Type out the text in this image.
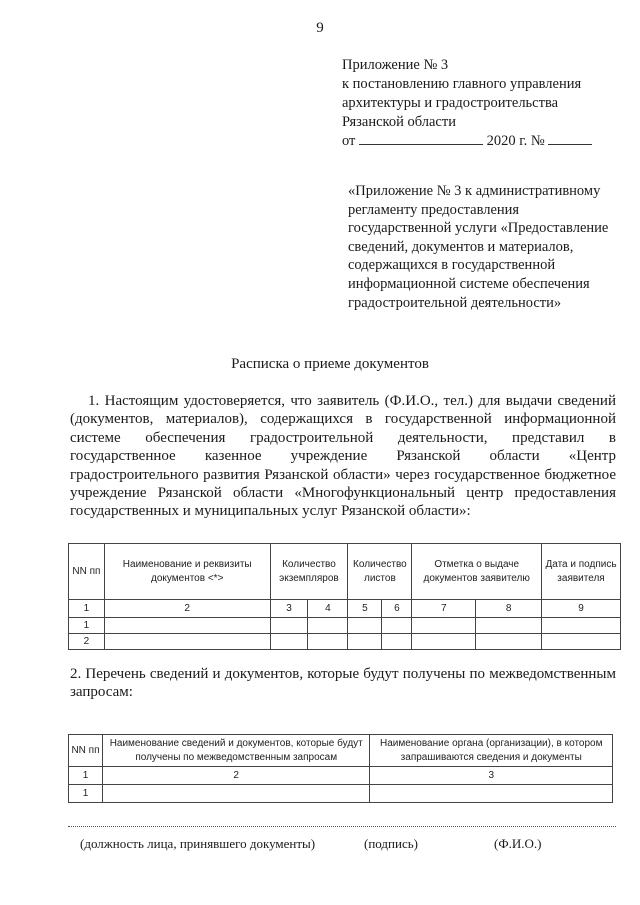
9
Приложение № 3
к постановлению главного управления
архитектуры и градостроительства
Рязанской области
от	2020 г. №
«Приложение № 3 к административному регламенту предоставления государственной услуги «Предоставление сведений, документов и материалов, содержащихся в государственной информационной системе обеспечения градостроительной деятельности»
Расписка о приеме документов
1. Настоящим удостоверяется, что заявитель (Ф.И.О., тел.) для выдачи сведений (документов, материалов), содержащихся в государственной информационной системе обеспечения градостроительной деятельности, представил в государственное казенное учреждение Рязанской области «Центр градостроительного развития Рязанской области» через государственное бюджетное учреждение Рязанской области «Многофункциональный центр предоставления государственных и муниципальных услуг Рязанской области»:
NN пп	Наименование и реквизиты документов <*>	Количество экземпляров		Количество листов		Отметка о выдаче документов заявителю		Дата и подпись заявителя
1	2	3	4	5	6	7	8	9
1								
2								
2. Перечень сведений и документов, которые будут получены по межведомственным запросам:
NN пп	Наименование сведений и документов, которые будут получены по межведомственным запросам	Наименование органа (организации), в котором запрашиваются сведения и документы
1	2	3
1		
(должность лица, принявшего документы)	(подпись)	(Ф.И.О.)
